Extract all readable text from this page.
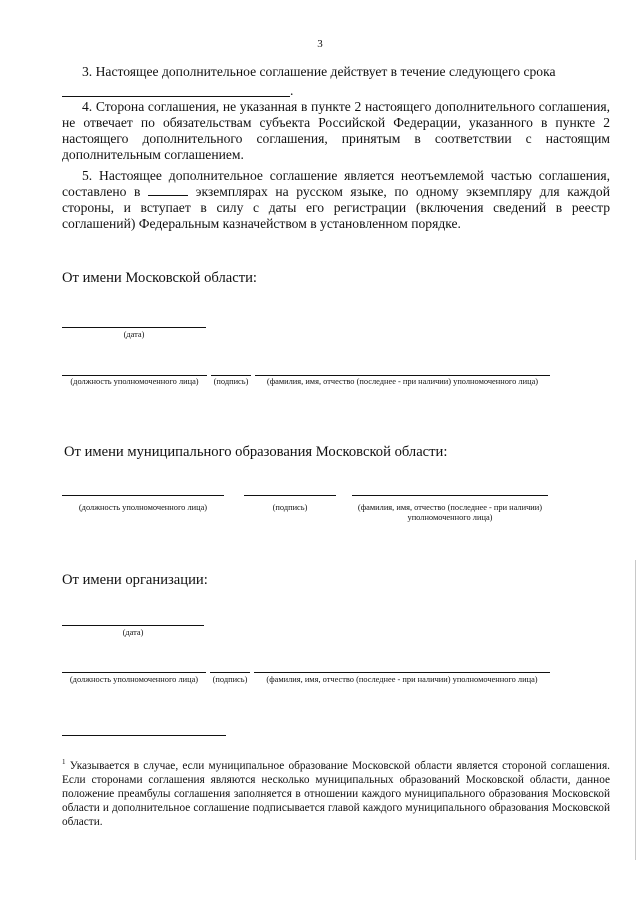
3
3. Настоящее дополнительное соглашение действует в течение следующего срока

.
4. Сторона соглашения, не указанная в пункте 2 настоящего дополнительного соглашения, не отвечает по обязательствам субъекта Российской Федерации, указанного в пункте 2 настоящего дополнительного соглашения, принятым в соответствии с настоящим дополнительным соглашением.
5. Настоящее дополнительное соглашение является неотъемлемой частью соглашения, составлено в	экземплярах на русском языке, по одному экземпляру для каждой стороны, и вступает в силу с даты его регистрации (включения сведений в реестр соглашений) Федеральным казначейством в установленном порядке.
От имени Московской области:
(дата)
(должность уполномоченного лица)	(подпись)	(фамилия, имя, отчество (последнее - при наличии) уполномоченного лица)
От имени муниципального образования Московской области:
(должность уполномоченного лица)	(подпись)	(фамилия, имя, отчество (последнее - при наличии) уполномоченного лица)
От имени организации:
(дата)
(должность уполномоченного лица)	(подпись)	(фамилия, имя, отчество (последнее - при наличии) уполномоченного лица)
$^1$ Указывается в случае, если муниципальное образование Московской области является стороной соглашения. Если сторонами соглашения являются несколько муниципальных образований Московской области, данное положение преамбулы соглашения заполняется в отношении каждого муниципального образования Московской области и дополнительное соглашение подписывается главой каждого муниципального образования Московской области.
